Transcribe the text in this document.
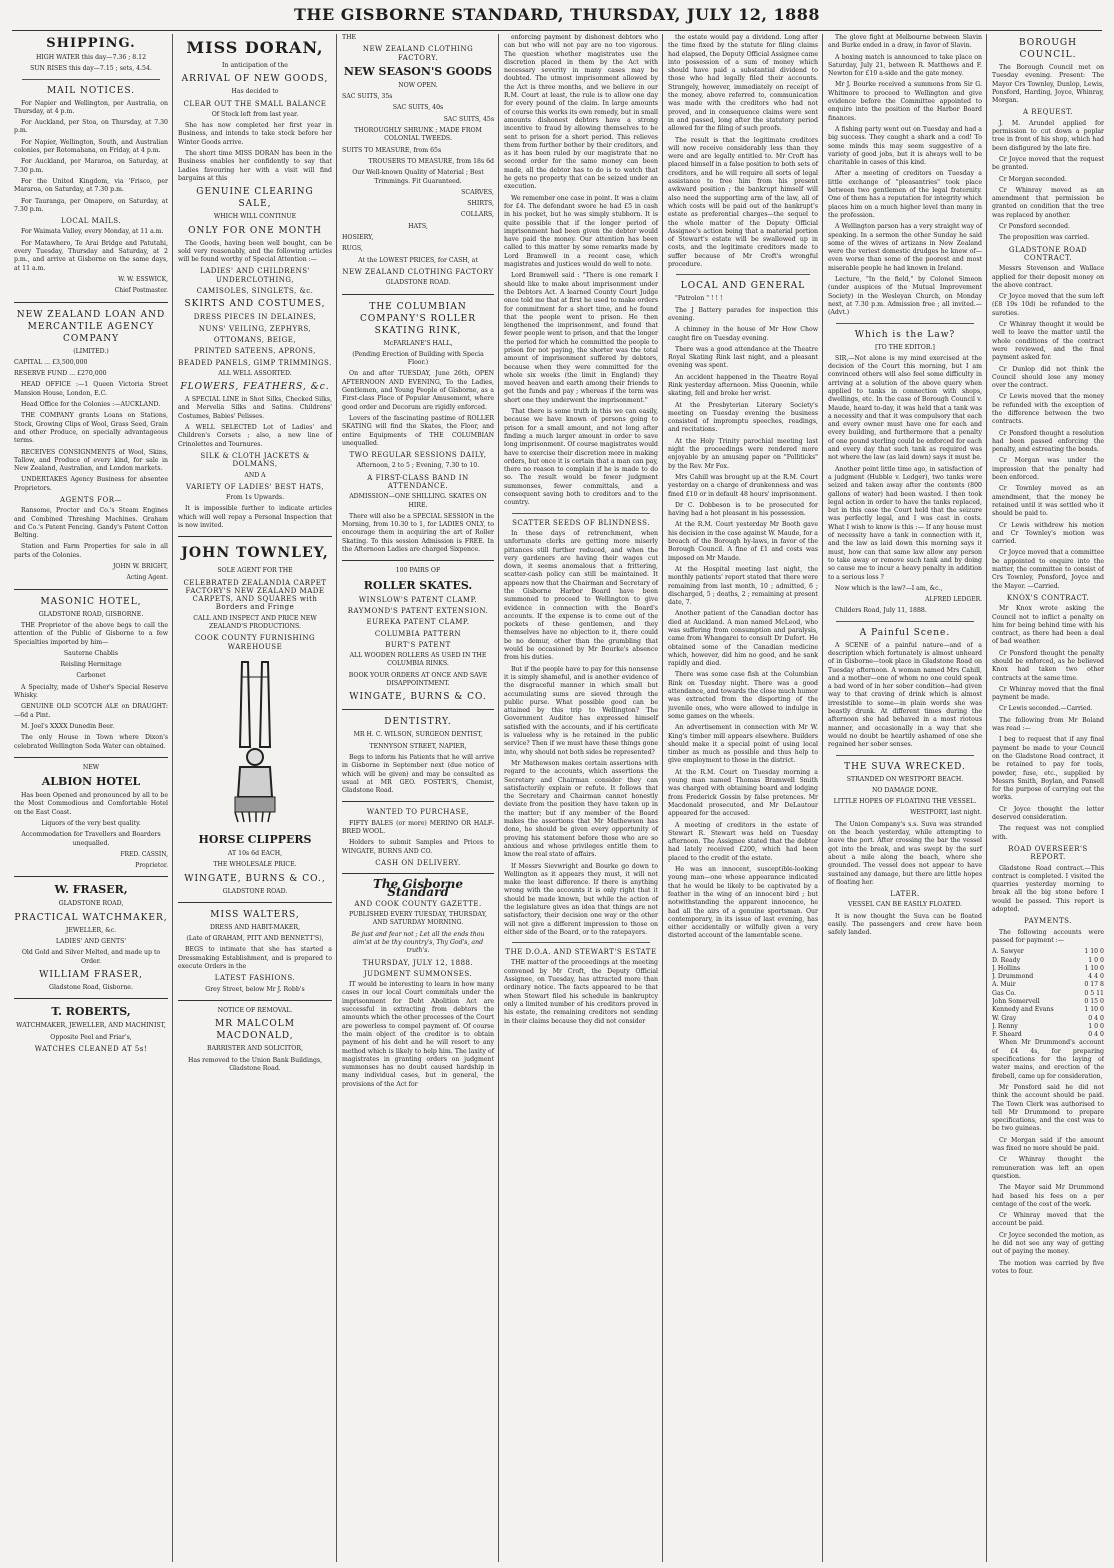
THE GISBORNE STANDARD, THURSDAY, JULY 12, 1888
SHIPPING.

HIGH WATER this day—7.36 ; 8.12

SUN RISES this day—7.15 ; sets, 4.54.

MAIL NOTICES.

For Napier and Wellington, per Australia, on Thursday, at 4 p.m.

For Auckland, per Stoa, on Thursday, at 7.30 p.m.

For Napier, Wellington, South, and Australian colonies, per Rotomahana, on Friday, at 4 p.m.

For Auckland, per Mararoa, on Saturday, at 7.30 p.m.

For the United Kingdom, via 'Frisco, per Mararoa, on Saturday, at 7.30 p.m.

For Tauranga, per Omapere, on Saturday, at 7.30 p.m.

LOCAL MAILS.

For Waimata Valley, every Monday, at 11 a.m.

For Matawhero, Te Arai Bridge and Patutahi, every Tuesday, Thursday and Saturday, at 2 p.m., and arrive at Gisborne on the same days, at 11 a.m.

W. W. ESSWICK,

Chief Postmaster.

NEW ZEALAND LOAN AND MERCANTILE AGENCY COMPANY

(LIMITED.)

CAPITAL ... £3,500,000

RESERVE FUND ... £270,000

HEAD OFFICE :—1 Queen Victoria Street Mansion House, London, E.C.

Head Office for the Colonies :—AUCKLAND.

THE COMPANY grants Loans on Stations, Stock, Growing Clips of Wool, Grass Seed, Grain and other Produce, on specially advantageous terms.

RECEIVES CONSIGNMENTS of Wool, Skins, Tallow, and Produce of every kind, for sale in New Zealand, Australian, and London markets.

UNDERTAKES Agency Business for absentee Proprietors.

AGENTS FOR—

Ransome, Proctor and Co.'s Steam Engines and Combined Threshing Machines. Graham and Co.'s Patent Fencing. Gandy's Patent Cotton Belting.

Station and Farm Properties for sale in all parts of the Colonies.

JOHN W. BRIGHT,

Acting Agent.

MASONIC HOTEL,

GLADSTONE ROAD, GISBORNE.

THE Proprietor of the above begs to call the attention of the Public of Gisborne to a few Specialties imported by him—

Sauterne Chablis

Reisling Hermitage

Carbonet

A Specialty, made of Usher's Special Reserve Whisky.

GENUINE OLD SCOTCH ALE on DRAUGHT:—6d a Pint.

M. Joel's XXXX Dunedin Beer.

The only House in Town where Dixon's celebrated Wellington Soda Water can obtained.

NEW

ALBION HOTEL

Has been Opened and pronounced by all to be the Most Commodious and Comfortable Hotel on the East Coast.

Liquors of the very best quality.

Accommodation for Travellers and Boarders unequalled.

FRED. CASSIN,

Proprietor.

W. FRASER,

GLADSTONE ROAD,

PRACTICAL WATCHMAKER,

JEWELLER, &c.

LADIES' AND GENTS'

Old Gold and Silver Melted, and made up to Order.

WILLIAM FRASER,

Gladstone Road, Gisborne.

T. ROBERTS,

WATCHMAKER, JEWELLER, AND MACHINIST,

Opposite Peel and Friar's,

WATCHES CLEANED AT 5s!
MISS DORAN,

In anticipation of the

ARRIVAL OF NEW GOODS,

Has decided to

CLEAR OUT THE SMALL BALANCE

Of Stock left from last year.

She has now completed her first year in Business, and intends to take stock before her Winter Goods arrive.

The short time MISS DORAN has been in the Business enables her confidently to say that Ladies favouring her with a visit will find bargains at this

GENUINE CLEARING SALE,

WHICH WILL CONTINUE

ONLY FOR ONE MONTH

The Goods, having been well bought, can be sold very reasonably, and the following articles will be found worthy of Special Attention :—

LADIES' AND CHILDRENS' UNDERCLOTHING,
CAMISOLES, SINGLETS, &c.
SKIRTS AND COSTUMES,
DRESS PIECES IN DELAINES,
NUNS' VEILING, ZEPHYRS,
OTTOMANS, BEIGE,
PRINTED SATEENS, APRONS,
BEADED PANELS, GIMP TRIMMINGS.

ALL WELL ASSORTED.

FLOWERS, FEATHERS, &c.

A SPECIAL LINE in Shot Silks, Checked Silks, and Mervelia Silks and Satins. Childrens' Costumes, Babies' Pelisses.

A WELL SELECTED Lot of Ladies' and Children's Corsets ; also, a new line of Crinolettes and Tournures.

SILK & CLOTH JACKETS & DOLMANS,

AND A

VARIETY OF LADIES' BEST HATS,

From 1s Upwards.

It is impossible further to indicate articles which will well repay a Personal Inspection that is now invited.

JOHN TOWNLEY,

SOLE AGENT FOR THE

CELEBRATED ZEALANDIA CARPET FACTORY'S NEW ZEALAND MADE CARPETS, AND SQUARES with Borders and Fringe

CALL AND INSPECT AND PRICE NEW ZEALAND'S PRODUCTIONS.

COOK COUNTY FURNISHING WAREHOUSE
HORSE CLIPPERS

AT 10s 6d EACH,

THE WHOLESALE PRICE.

WINGATE, BURNS & CO.,

GLADSTONE ROAD.

MISS WALTERS,

DRESS AND HABIT-MAKER,

(Late of GRAHAM, PITT AND BENNETT'S),

BEGS to intimate that she has started a Dressmaking Establishment, and is prepared to execute Orders in the

LATEST FASHIONS.

Grey Street, below Mr J. Robb's

NOTICE OF REMOVAL.

MR MALCOLM MACDONALD,

BARRISTER AND SOLICITOR,

Has removed to the Union Bank Buildings, Gladstone Road.

THE

NEW ZEALAND CLOTHING FACTORY.
NEW SEASON'S GOODS

NOW OPEN.

SAC SUITS, 35s

SAC SUITS, 40s

SAC SUITS, 45s

THOROUGHLY SHRUNK ; MADE FROM COLONIAL TWEEDS.

SUITS TO MEASURE, from 65s

TROUSERS TO MEASURE, from 18s 6d

Our Well-known Quality of Material ; Best Trimmings. Fit Guaranteed.

SCARVES,

SHIRTS,

COLLARS,

HATS,

HOSIERY,

RUGS,

At the LOWEST PRICES, for CASH, at

NEW ZEALAND CLOTHING FACTORY

GLADSTONE ROAD.

THE COLUMBIAN COMPANY'S ROLLER SKATING RINK,

McFARLANE'S HALL,

(Pending Erection of Building with Specia Floor.)

On and after TUESDAY, June 26th, OPEN AFTERNOON AND EVENING, To the Ladies, Gentlemen, and Young People of Gisborne, as a First-class Place of Popular Amusement, where good order and Decorum are rigidly enforced.

Lovers of the fascinating pastime of ROLLER SKATING will find the Skates, the Floor, and entire Equipments of THE COLUMBIAN unequalled.

TWO REGULAR SESSIONS DAILY,

Afternoon, 2 to 5 ; Evening, 7.30 to 10.

A FIRST-CLASS BAND IN ATTENDANCE.

ADMISSION—ONE SHILLING. SKATES ON HIRE.

There will also be a SPECIAL SESSION in the Morning, from 10.30 to 1, for LADIES ONLY, to encourage them in acquiring the art of Roller Skating. To this session Admission is FREE. In the Afternoon Ladies are charged Sixpence.

100 PAIRS OF

ROLLER SKATES.
WINSLOW'S PATENT CLAMP.
RAYMOND'S PATENT EXTENSION.
EUREKA PATENT CLAMP.
COLUMBIA PATTERN
BURT'S PATENT

ALL WOODEN ROLLERS AS USED IN THE COLUMBIA RINKS.

BOOK YOUR ORDERS AT ONCE AND SAVE DISAPPOINTMENT.

WINGATE, BURNS & CO.
DENTISTRY.

MR H. C. WILSON, SURGEON DENTIST,

TENNYSON STREET, NAPIER,

Begs to inform his Patients that he will arrive in Gisborne in September next (due notice of which will be given) and may be consulted as usual at MR GEO. FOSTER'S, Chemist, Gladstone Road.

WANTED TO PURCHASE,

FIFTY BALES (or more) MERINO OR HALF-BRED WOOL.

Holders to submit Samples and Prices to WINGATE, BURNS AND CO.

CASH ON DELIVERY.
The Gisborne Standard
AND COOK COUNTY GAZETTE.

PUBLISHED EVERY TUESDAY, THURSDAY, AND SATURDAY MORNING.

Be just and fear not ; Let all the ends thou aim'st at be thy country's, Thy God's, and truth's.

THURSDAY, JULY 12, 1888.
JUDGMENT SUMMONSES.

IT would be interesting to learn in how many cases in our local Court commitals under the imprisonment for Debt Abolition Act are successful in extracting from debtors the amounts which the other processes of the Court are powerless to compel payment of. Of course the main object of the creditor is to obtain payment of his debt and he will resort to any method which is likely to help him. The laxity of magistrates in granting orders on judgment summonses has no doubt caused hardship in many individual cases, but in general, the provisions of the Act for

enforcing payment by dishonest debtors who can but who will not pay are no too vigorous. The question whether magistrates use the discretion placed in them by the Act with necessary severity in many cases may be doubted. The utmost imprisonment allowed by the Act is three months, and we believe in our R.M. Court at least, the rule is to allow one day for every pound of the claim. In large amounts of course this works its own remedy, but in small amounts dishonest debtors have a strong incentive to fraud by allowing themselves to be sent to prison for a short period. This relieves them from further bother by their creditors, and as it has been ruled by our magistrate that no second order for the same money can been made, all the debtor has to do is to watch that he gets no property that can be seized under an execution.

We remember one case in point. It was a claim for £4. The defendant swore he had £5 in cash in his pocket, but he was simply stubborn. It is quite possible that if the longer period of imprisonment had been given the debtor would have paid the money. Our attention has been called to this matter by some remarks made by Lord Bramwell in a recent case, which magistrates and justices would do well to note.

Lord Bramwell said : "There is one remark I should like to make about imprisonment under the Debtors Act. A learned County Court Judge once told me that at first he used to make orders for commitment for a short time, and he found that the people went to prison. He then lengthened the imprisonment, and found that fewer people went to prison, and that the longer the period for which he committed the people to prison for not paying, the shorter was the total amount of imprisonment suffered by debtors, because when they were committed for the whole six weeks (the limit in England) they moved heaven and earth among their friends to get the funds and pay ; whereas if the term was short one they underwent the imprisonment."

That there is some truth in this we can easily, because we have known of persons going to prison for a small amount, and not long after finding a much larger amount in order to save long imprisonment. Of course magistrates would have to exercise their discretion more in making orders, but once it is certain that a man can pay, there no reason to complain if he is made to do so. The result would be fewer judgment summonses, fewer committals, and a consequent saving both to creditors and to the country.

SCATTER SEEDS OF BLINDNESS.

In these days of retrenchment, when unfortunate clerks are getting more miserly pittances still further reduced, and when the very gardeners are having their wages cut down, it seems anomalous that a frittering, scatter-cash policy can still be maintained. It appears now that the Chairman and Secretary of the Gisborne Harbor Board have been summoned to proceed to Wellington to give evidence in connection with the Board's accounts. If the expense is to come out of the pockets of these gentlemen, and they themselves have no objection to it, there could be no demur, other than the grumbling that would be occasioned by Mr Bourke's absence from his duties.

But if the people have to pay for this nonsense it is simply shameful, and is another evidence of the disgraceful manner in which small but accumulating sums are sieved through the public purse. What possible good can be attained by this trip to Wellington? The Government Auditor has expressed himself satisfied with the accounts, and if his certificate is valueless why is he retained in the public service? Then if we must have these things gone into, why should not both sides be represented?

Mr Mathewson makes certain assertions with regard to the accounts, which assertions the Secretary and Chairman consider they can satisfactorily explain or refute. It follows that the Secretary and Chairman cannot honestly deviate from the position they have taken up in the matter; but if any member of the Board makes the assertions that Mr Mathewson has done, he should be given every opportunity of proving his statement before those who are so anxious and whose privileges entitle them to know the real state of affairs.

If Messrs Sievwright and Bourke go down to Wellington as it appears they must, it will not make the least difference. If there is anything wrong with the accounts it is only right that it should be made known, but while the action of the legislature gives an idea that things are not satisfactory, their decision one way or the other will not give a different impression to those on either side of the Board, or to the ratepayers.

THE D.O.A. AND STEWART'S ESTATE

THE matter of the proceedings at the meeting convened by Mr Croft, the Deputy Official Assignee, on Tuesday, has attracted more than ordinary notice. The facts appeared to be that when Stewart filed his schedule in bankruptcy only a limited number of his creditors proved in his estate, the remaining creditors not sending in their claims because they did not consider

the estate would pay a dividend. Long after the time fixed by the statute for filing claims had elapsed, the Deputy Official Assignee came into possession of a sum of money which should have paid a substantial dividend to those who had legally filed their accounts. Strangely, however, immediately on receipt of the money, above referred to, communication was made with the creditors who had not proved, and in consequence claims were sent in and passed, long after the statutory period allowed for the filing of such proofs.

The result is that the legitimate creditors will now receive considerably less than they were and are legally entitled to. Mr Croft has placed himself in a false position to both sets of creditors, and he will require all sorts of legal assistance to free him from his present awkward position ; the bankrupt himself will also need the supporting arm of the law, all of which costs will be paid out of the bankrupt's estate as preferential charges—the sequel to the whole matter of the Deputy Official Assignee's action being that a material portion of Stewart's estate will be swallowed up in costs, and the legitimate creditors made to suffer because of Mr Croft's wrongful procedure.

LOCAL AND GENERAL

"Patrolon " ! ! !

The J Battery parades for inspection this evening.

A chimney in the house of Mr How Chow caught fire on Tuesday evening.

There was a good attendance at the Theatre Royal Skating Rink last night, and a pleasant evening was spent.

An accident happened in the Theatre Royal Rink yesterday afternoon. Miss Queenin, while skating, fell and broke her wrist.

At the Presbyterian Literary Society's meeting on Tuesday evening the business consisted of impromptu speeches, readings, and recitations.

At the Holy Trinity parochial meeting last night the proceedings were rendered more enjoyable by an amusing paper on "Polliticks" by the Rev. Mr Fox.

Mrs Cahill was brought up at the R.M. Court yesterday on a charge of drunkenness and was fined £10 or in default 48 hours' imprisonment.

Dr C. Dobbeson is to be prosecuted for having had a hot pleasant in his possession.

At the R.M. Court yesterday Mr Booth gave his decision in the case against W. Maude, for a breach of the Borough by-laws, in favor of the Borough Council. A fine of £1 and costs was imposed on Mr Maude.

At the Hospital meeting last night, the monthly patients' report stated that there were remaining from last month, 10 ; admitted, 6 ; discharged, 5 ; deaths, 2 ; remaining at present date, 7.

Another patient of the Canadian doctor has died at Auckland. A man named McLeod, who was suffering from consumption and paralysis, came from Whangarei to consult Dr Dufort. He obtained some of the Canadian medicine which, however, did him no good, and he sank rapidly and died.

There was some case fish at the Columbian Rink on Tuesday night. There was a good attendance, and towards the close much humor was extracted from the disporting of the juvenile ones, who were allowed to indulge in some games on the wheels.

An advertisement in connection with Mr W. King's timber mill appears elsewhere. Builders should make it a special point of using local timber as much as possible and thus help to give employment to those in the district.

At the R.M. Court on Tuesday morning a young man named Thomas Bramwell Smith was charged with obtaining board and lodging from Frederick Gossin by false pretences. Mr Macdonald prosecuted, and Mr DeLautour appeared for the accused.

A meeting of creditors in the estate of Stewart R. Stewart was held on Tuesday afternoon. The Assignee stated that the debtor had lately received £200, which had been placed to the credit of the estate.

He was an innocent, susceptible-looking young man—one whose appearance indicated that he would be likely to be captivated by a feather in the wing of an innocent bird ; but notwithstanding the apparent innocence, he had all the airs of a genuine sportsman. Our contemporary, in its issue of last evening, has either accidentally or wilfully given a very distorted account of the lamentable scene.

The glove fight at Melbourne between Slavin and Burke ended in a draw, in favor of Slavin.

A boxing match is announced to take place on Saturday, July 21, between R. Matthews and F. Newton for £10 a-side and the gate money.

Mr J. Bourke received a summons from Sir G. Whitmore to proceed to Wellington and give evidence before the Committee appointed to enquire into the position of the Harbor Board finances.

A fishing party went out on Tuesday and had a big success. They caught a shark and a cod! To some minds this may seem suggestive of a variety of good jobs, but it is always well to be charitable in cases of this kind.

After a meeting of creditors on Tuesday a little exchange of "pleasantries" took place between two gentlemen of the legal fraternity. One of them has a reputation for integrity which places him on a much higher level than many in the profession.

A Wellington parson has a very straight way of speaking. In a sermon the other Sunday he said some of the wives of artizans in New Zealand were the veriest domestic drudges he knew of—even worse than some of the poorest and most miserable people he had known in Ireland.

Lecture, "In the field," by Colonel Simeon (under auspices of the Mutual Improvement Society) in the Wesleyan Church, on Monday next, at 7.30 p.m. Admission free ; all invited.—(Advt.)

Which is the Law?

[TO THE EDITOR.]

SIR,—Not alone is my mind exercised at the decision of the Court this morning, but I am convinced others will also feel some difficulty in arriving at a solution of the above query when applied to tanks in connection with shops, dwellings, etc. In the case of Borough Council v. Maude, heard to-day, it was held that a tank was a necessity and that it was compulsory that each and every owner must have one for each and every building, and furthermore that a penalty of one pound sterling could be enforced for each and every day that such tank as required was not where the law (as laid down) says it must be.

Another point little time ago, in satisfaction of a judgment (Hubble v. Ledger), two tanks were seized and taken away after the contents (800 gallons of water) had been wasted. I then took legal action in order to have the tanks replaced, but in this case the Court held that the seizure was perfectly legal, and I was cast in costs. What I wish to know is this :— If any house must of necessity have a tank in connection with it, and the law as laid down this morning says it must, how can that same law allow any person to take away or remove such tank and by doing so cause me to incur a heavy penalty in addition to a serious loss ?

Now which is the law?—I am, &c.,

ALFRED LEDGER.

Childers Road, July 11, 1888.

A Painful Scene.

A SCENE of a painful nature—and of a description which fortunately is almost unheard of in Gisborne—took place in Gladstone Road on Tuesday afternoon. A woman named Mrs Cahill, and a mother—one of whom no one could speak a bad word of in her sober condition—had given way to that craving of drink which is almost irresistible to some—in plain words she was beastly drunk. At different times during the afternoon she had behaved in a most riotous manner, and occasionally in a way that she would no doubt be heartily ashamed of one she regained her sober senses.

THE SUVA WRECKED.

STRANDED ON WESTPORT BEACH.

NO DAMAGE DONE.

LITTLE HOPES OF FLOATING THE VESSEL.

WESTPORT, last night.

The Union Company's s.s. Suva was stranded on the beach yesterday, while attempting to leave the port. After crossing the bar the vessel got into the break, and was swept by the surf about a mile along the beach, where she grounded. The vessel does not appear to have sustained any damage, but there are little hopes of floating her.

LATER.

VESSEL CAN BE EASILY FLOATED.

It is now thought the Suva can be floated easily. The passengers and crew have been safely landed.

BOROUGH COUNCIL.

The Borough Council met on Tuesday evening. Present: The Mayor Crs Townley, Dunlop, Lewis, Ponsford, Harding, Joyce, Whinray, Morgan.

A REQUEST.

J. M. Arundel applied for permission to cut down a poplar tree in front of his shop, which had been disfigured by the late fire.

Cr Joyce moved that the request be granted.

Cr Morgan seconded.

Cr Whinray moved as an amendment that permission be granted on condition that the tree was replaced by another.

Cr Ponsford seconded.

The proposition was carried.

GLADSTONE ROAD CONTRACT.

Messrs Stevenson and Wallace applied for their deposit money on the above contract.

Cr Joyce moved that the sum left (£8 19s 10d) be refunded to the sureties.

Cr Whinray thought it would be well to leave the matter until the whole conditions of the contract were reviewed, and the final payment asked for.

Cr Dunlop did not think the Council should lose any money over the contract.

Cr Lewis moved that the money be refunded with the exception of the difference between the two contracts.

Cr Ponsford thought a resolution had been passed enforcing the penalty, and estreating the bonds.

Cr Morgan was under the impression that the penalty had been enforced.

Cr Townley moved as an amendment, that the money be retained until it was settled who it should be paid to.

Cr Lewis withdrew his motion and Cr Townley's motion was carried.

Cr Joyce moved that a committee be appointed to enquire into the matter, the committee to consist of Crs Townley, Ponsford, Joyce and the Mayor. —Carried.

KNOX'S CONTRACT.

Mr Knox wrote asking the Council not to inflict a penalty on him for being behind time with his contract, as there had been a deal of bad weather.

Cr Ponsford thought the penalty should be enforced, as he believed Knox had taken two other contracts at the same time.

Cr Whinray moved that the final payment be made.

Cr Lewis seconded.—Carried.

The following from Mr Boland was read :—

I beg to request that if any final payment be made to your Council on the Gladstone Road contract, it be retained to pay for tools, powder, fuse, etc., supplied by Messrs Smith, Boylan, and Pansell for the purpose of carrying out the works.

Cr Joyce thought the letter deserved consideration.

The request was not complied with.

ROAD OVERSEER'S REPORT.

Gladstone Road contract.—This contract is completed. I visited the quarries yesterday morning to break all the big stone before I would be passed. This report is adopted.

PAYMENTS.

The following accounts were passed for payment :—

A. Sawyer	1 10 0
D. Ready	1 0 0
J. Hollins	1 10 0
J. Drummond	4 4 0
A. Muir	0 17 8
Gas Co.	0 5 11
John Somervell	0 15 0
Kennedy and Evans	1 10 0
W. Gray	0 4 0
J. Renny	1 0 0
F. Sheard	0 4 0

When Mr Drummond's account of £4 4s, for preparing specifications for the laying of water mains, and erection of the firebell, came up for consideration,

Mr Ponsford said he did not think the account should be paid. The Town Clerk was authorised to tell Mr Drummond to prepare specifications, and the cost was to be two guineas.

Cr Morgan said if the amount was fixed no more should be paid.

Cr Whinray thought the remuneration was left an open question.

The Mayor said Mr Drummond had based his fees on a per centage of the cost of the work.

Cr Whinray moved that the account be paid.

Cr Joyce seconded the motion, as he did not see any way of getting out of paying the money.

The motion was carried by five votes to four.
